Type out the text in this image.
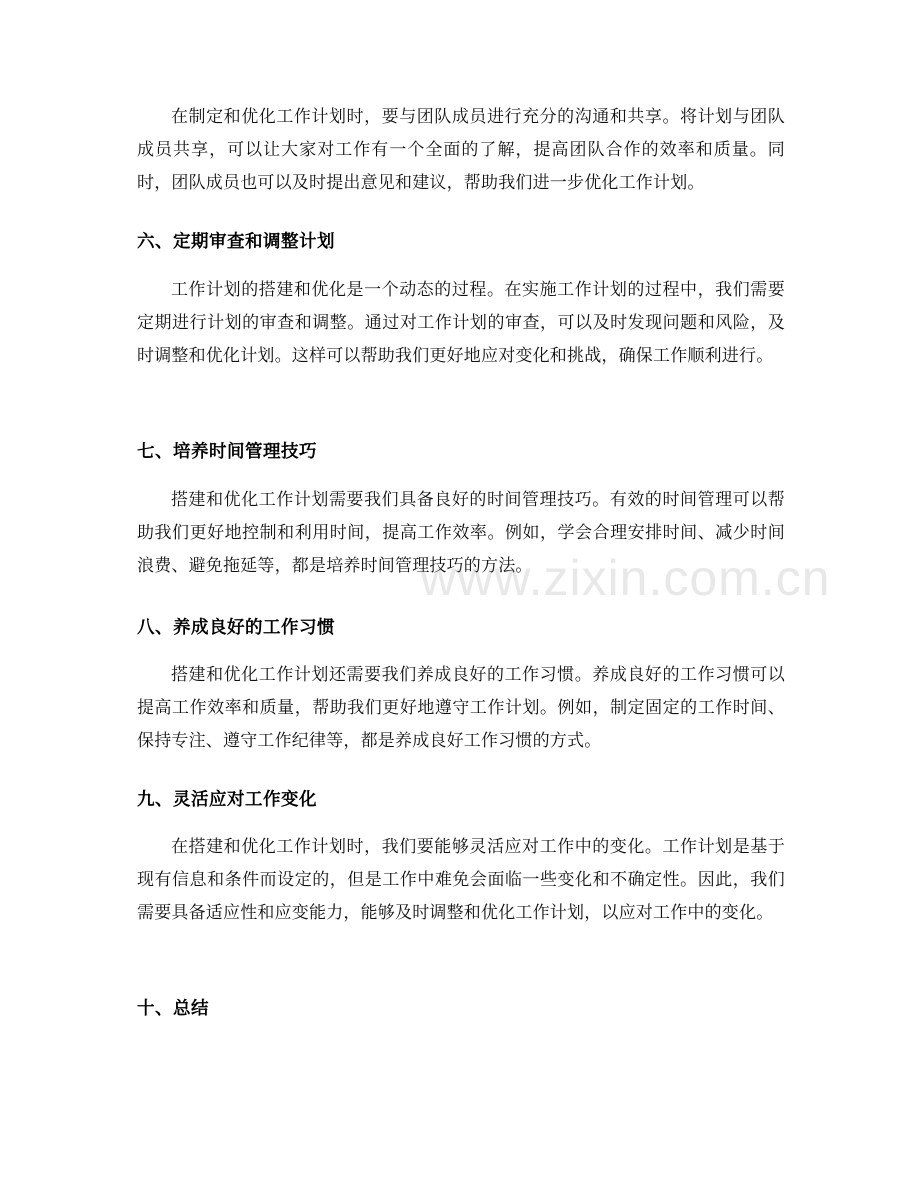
在制定和优化工作计划时，要与团队成员进行充分的沟通和共享。将计划与团队成员共享，可以让大家对工作有一个全面的了解，提高团队合作的效率和质量。同时，团队成员也可以及时提出意见和建议，帮助我们进一步优化工作计划。

六、定期审查和调整计划

工作计划的搭建和优化是一个动态的过程。在实施工作计划的过程中，我们需要定期进行计划的审查和调整。通过对工作计划的审查，可以及时发现问题和风险，及时调整和优化计划。这样可以帮助我们更好地应对变化和挑战，确保工作顺利进行。

七、培养时间管理技巧

搭建和优化工作计划需要我们具备良好的时间管理技巧。有效的时间管理可以帮助我们更好地控制和利用时间，提高工作效率。例如，学会合理安排时间、减少时间浪费、避免拖延等，都是培养时间管理技巧的方法。

八、养成良好的工作习惯

搭建和优化工作计划还需要我们养成良好的工作习惯。养成良好的工作习惯可以提高工作效率和质量，帮助我们更好地遵守工作计划。例如，制定固定的工作时间、保持专注、遵守工作纪律等，都是养成良好工作习惯的方式。

九、灵活应对工作变化

在搭建和优化工作计划时，我们要能够灵活应对工作中的变化。工作计划是基于现有信息和条件而设定的，但是工作中难免会面临一些变化和不确定性。因此，我们需要具备适应性和应变能力，能够及时调整和优化工作计划，以应对工作中的变化。

十、总结
www.zixin.com.cn
